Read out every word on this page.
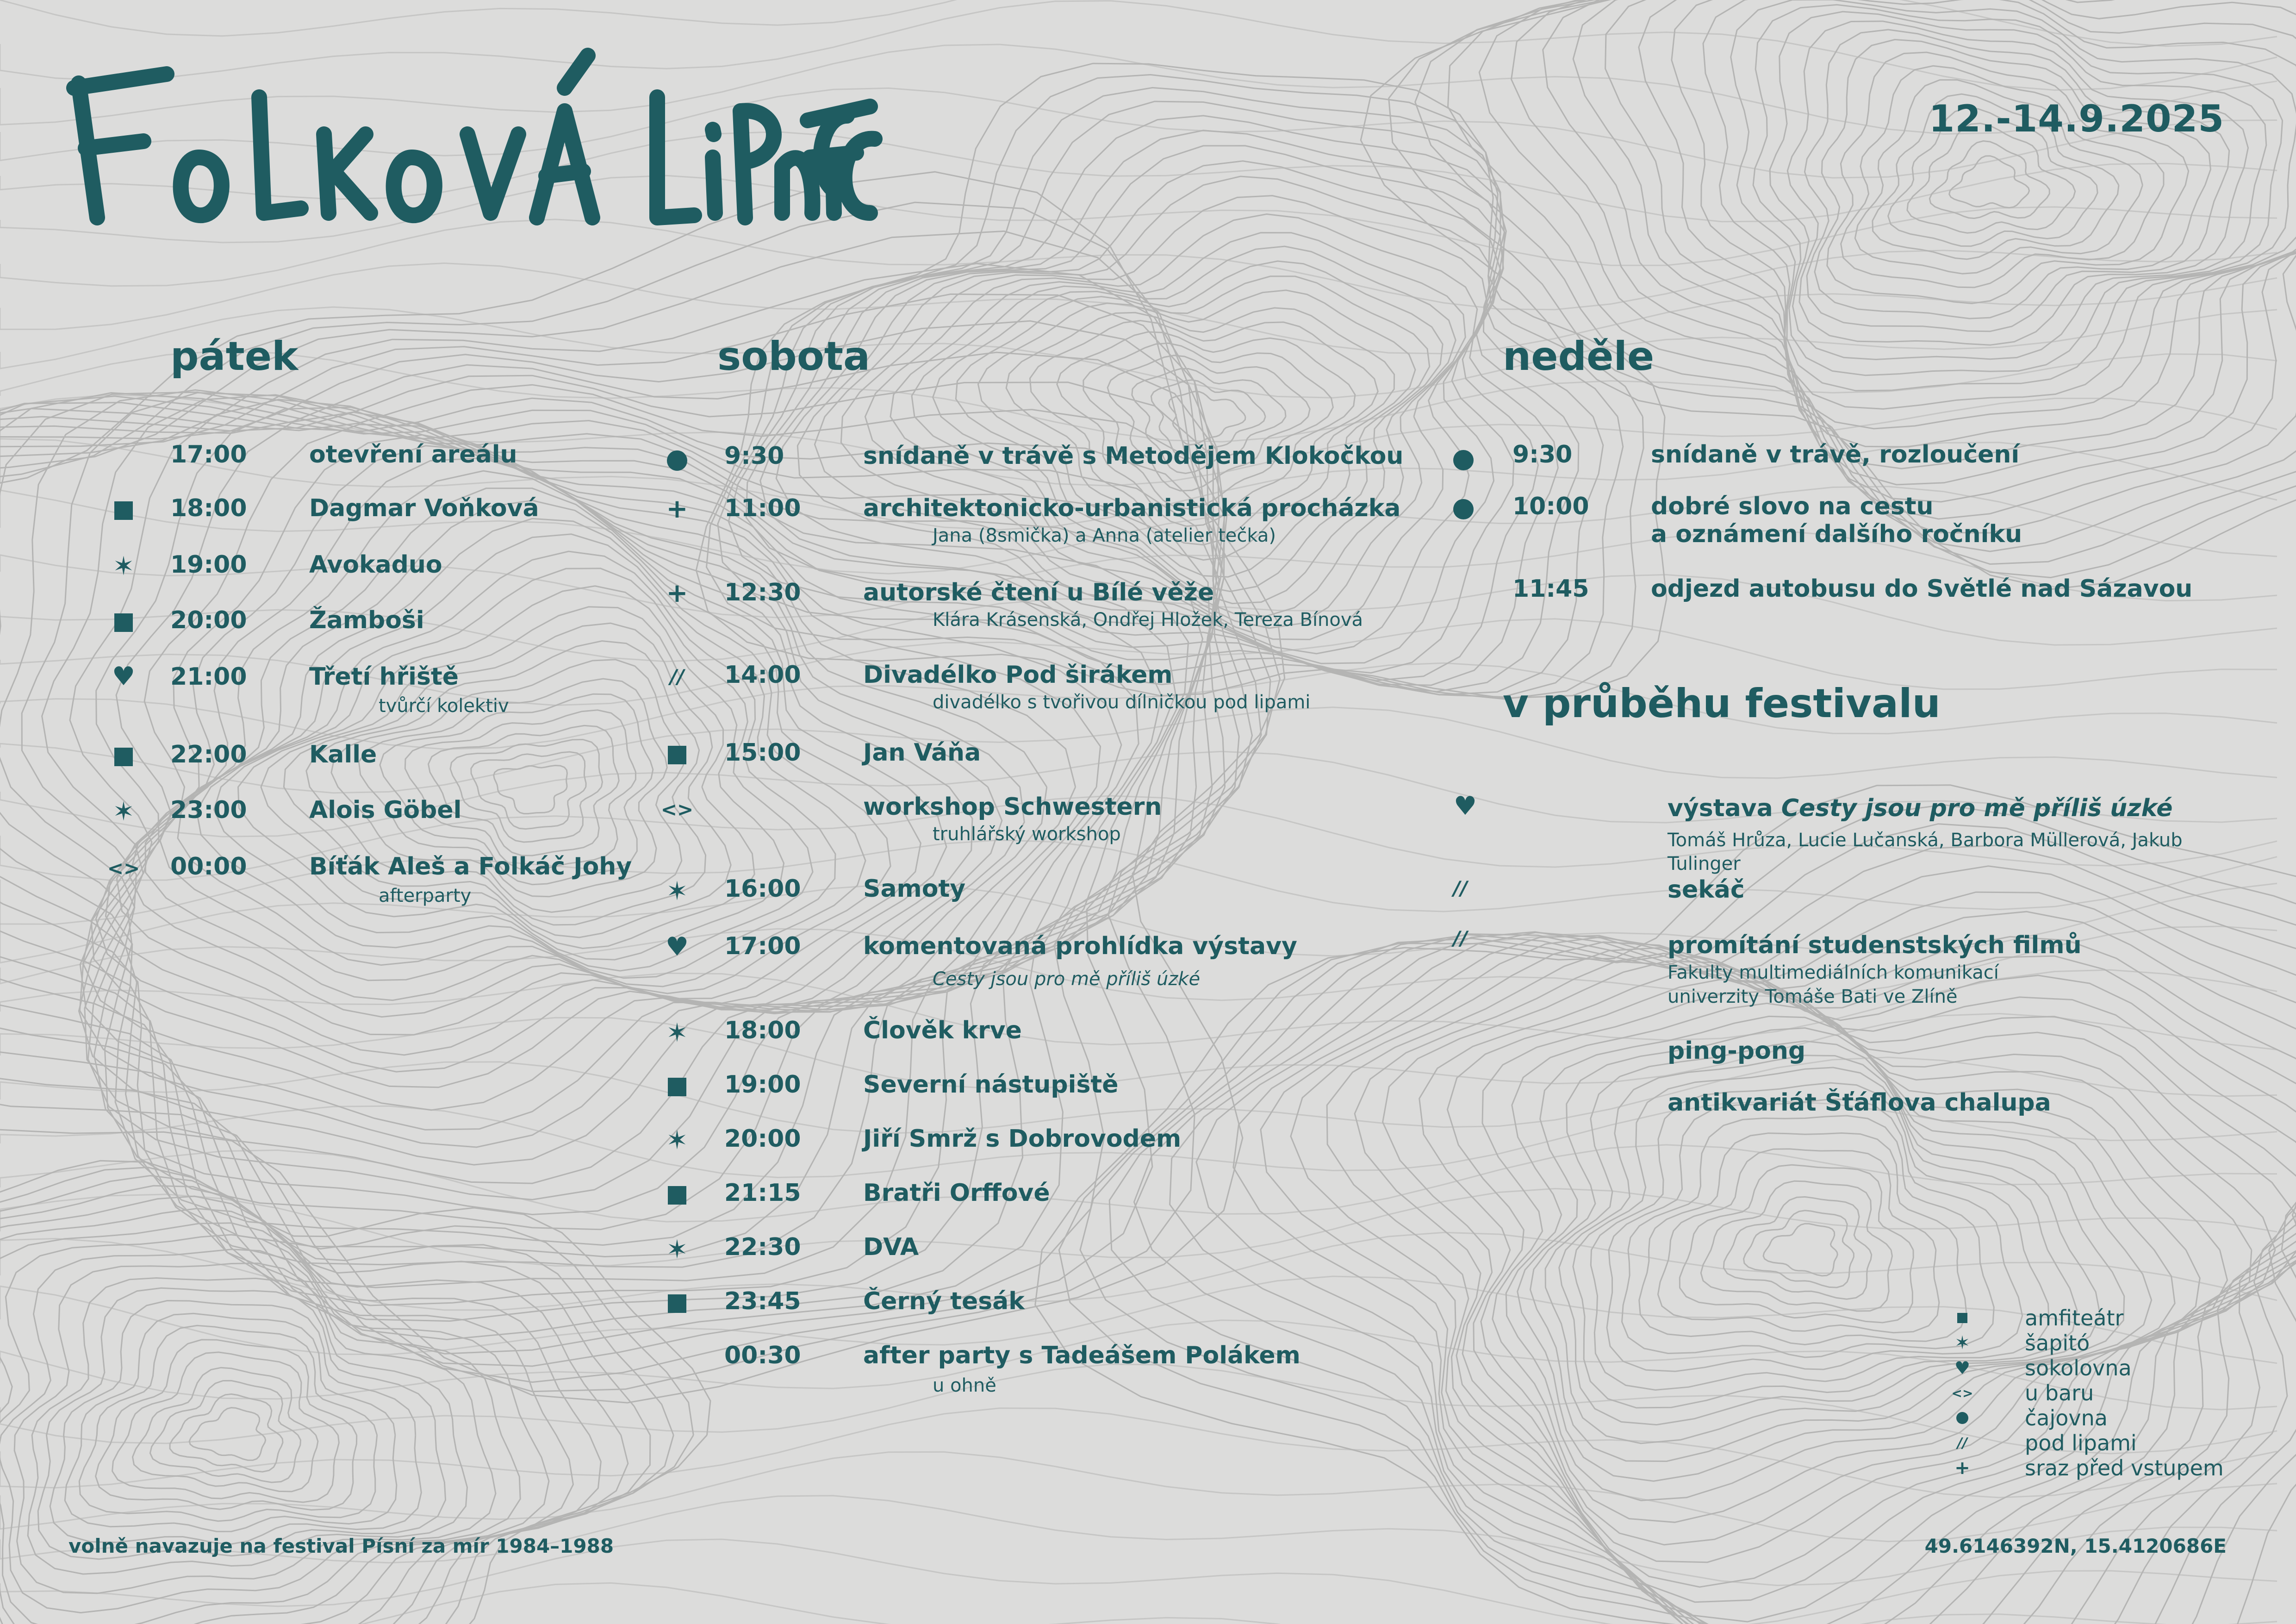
12.-14.9.2025
pátek	sobota	neděle
17:00	otevření areálu
18:00	Dagmar Voňková
✶ 19:00	Avokaduo
20:00	Žamboši
♥ 21:00	Třetí hřiště
tvůrčí kolektiv
22:00	Kalle
✶ 23:00	Alois Göbel
<> 00:00	Bíťák Aleš a Folkáč Johy
afterparty
9:30	snídaně v trávě s Metodějem Klokočkou
+ 11:00	architektonicko-urbanistická procházka
Jana (8smička) a Anna (atelier tečka)
+ 12:30	autorské čtení u Bílé věže
Klára Krásenská, Ondřej Hložek, Tereza Bínová
// 14:00	Divadélko Pod širákem
divadélko s tvořivou dílničkou pod lipami
15:00	Jan Váňa
<>	workshop Schwestern
truhlářský workshop
✶ 16:00	Samoty
♥ 17:00	komentovaná prohlídka výstavy
Cesty jsou pro mě příliš úzké
✶ 18:00	Člověk krve
19:00	Severní nástupiště
✶ 20:00	Jiří Smrž s Dobrovodem
21:15	Bratři Orffové
✶ 22:30	DVA
23:45	Černý tesák
00:30	after party s Tadeášem Polákem
u ohně
9:30	snídaně v trávě, rozloučení
10:00	dobré slovo na cestu
a oznámení dalšího ročníku
11:45	odjezd autobusu do Světlé nad Sázavou
v průběhu festivalu
♥	výstava Cesty jsou pro mě příliš úzké
Tomáš Hrůza, Lucie Lučanská, Barbora Müllerová, Jakub
Tulinger
//	sekáč
//	promítání studenstských filmů
Fakulty multimediálních komunikací
univerzity Tomáše Bati ve Zlíně
ping-pong
antikvariát Šťáflova chalupa
amfiteátr
✶	šapitó
♥	sokolovna
<> u baru
čajovna
//	pod lipami
+	sraz před vstupem
volně navazuje na festival Písní za mír 1984–1988	49.6146392N, 15.4120686E
